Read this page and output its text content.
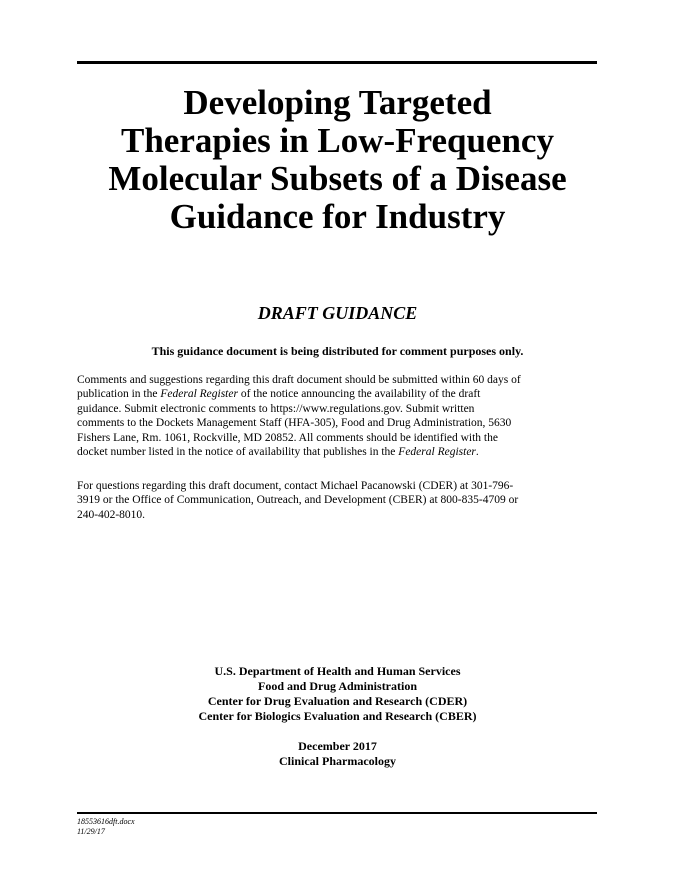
Developing Targeted
Therapies in Low-Frequency
Molecular Subsets of a Disease
Guidance for Industry
DRAFT GUIDANCE
This guidance document is being distributed for comment purposes only.

Comments and suggestions regarding this draft document should be submitted within 60 days of
publication in the Federal Register of the notice announcing the availability of the draft
guidance. Submit electronic comments to https://www.regulations.gov. Submit written
comments to the Dockets Management Staff (HFA-305), Food and Drug Administration, 5630
Fishers Lane, Rm. 1061, Rockville, MD 20852. All comments should be identified with the
docket number listed in the notice of availability that publishes in the Federal Register.

For questions regarding this draft document, contact Michael Pacanowski (CDER) at 301-796-
3919 or the Office of Communication, Outreach, and Development (CBER) at 800-835-4709 or
240-402-8010.

U.S. Department of Health and Human Services
Food and Drug Administration
Center for Drug Evaluation and Research (CDER)
Center for Biologics Evaluation and Research (CBER)
December 2017
Clinical Pharmacology
18553616dft.docx
11/29/17
